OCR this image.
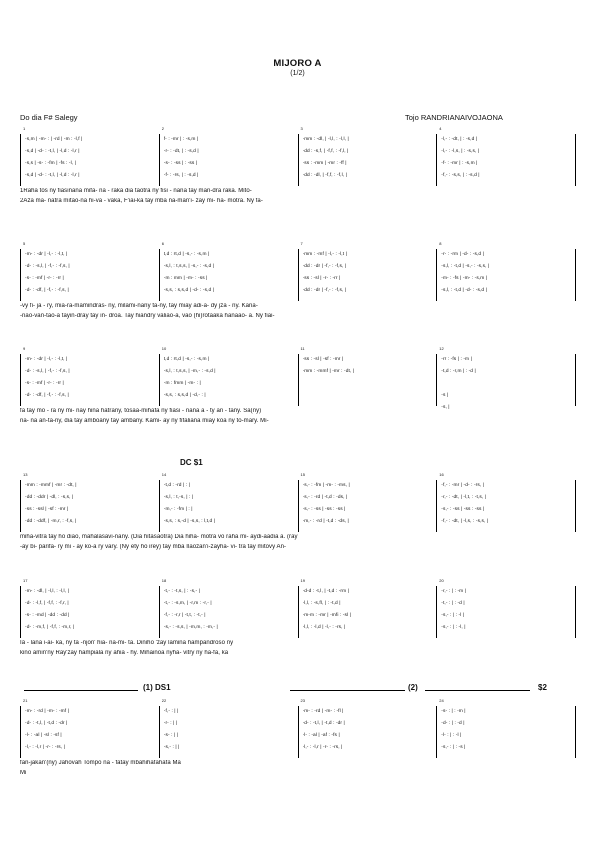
MIJORO A
(1/2)
Do dia F# Salegy	Tojo RANDRIANAIVOJAONA
1
-s,m | -m- : | -rd | -m : -l,f |
-s,d | -d- : -t,l, | -l,d : -l,r |
-s,s | -s- : -fm | -fs : -l, |
-s,d | -d- : -t,l, | -l,d : -l,r |
2
f- : -mr | : -s,m |
-r- : -dt, | : -s,d |
-s- : -ss | : -ss |
-f- : -rs, | : -s,d |
3
-mm : -dl, | -l,l, : -l,l, |
-dd : -s,f, | -f,f, : -f,l, |
-ss : -mm | -mr : -ff |
-dd : -dl, | -f,f, : -f,l, |
4
-l,- : -dt, | : -s,d |
-l,- : -l,s, | : -s,s, |
-f- : -mr | : -s,m |
-f,- : -s,s, | : -s,d |
1Raha tos ny fiasinana mifa- na - raka dia taotra ny fisi - nana tay man-dra raka. Mito-
2Aza ma- natra mitao-na hi-va - vaka, F'iai-ka tay mba na-man'i- zay mi- ha- motra. Ny fa-
5
-m- : -dr | -l,- : -l,t, |
-d- : -s,l, | -f,- : -f,s, |
-s- : -mf | -r- : -rr |
-d- : -df, | -f,- : -f,s, |
6
t,d : rt,d | -s,- : -s,m |
-s,l, : t,s,s, | -s,- : -s,d |
-m : mm | -m- : -ss |
-s,s, : s,s,d | -d- : -s,d |
7
-mm : -mf | -l,- : -l,t |
-dd : -dr | -f,- : -f,s, |
-ss : -sl | -r- : -rr |
-dd : -dr | -f,- : -f,s, |
8
-r- : -rm | -d- : -s,d |
-s,l, : -t,d | -s,- : -s,s, |
-m- : -fs | -m- : -s,m |
-s,l, : -t,d | -d- : -s,d |
-vy fi- ja - ry, mia-ra-mamindras- ny, milami-nany ta-ny, tay miay adi-a- dy jza - ny. Kana-
-nao-van-tao-a tayin-dray tay in- droa. Tay hiandry valiao-a, vao (hi)rotaaka hanaao- a. Ny fiai-
9
-m- : -dr | -l,- : -l,t, |
-d- : -s,l, | -f,- : -f,s, |
-s- : -mf | -r- : -rr |
-d- : -df, | -f,- : -f,s, |
10
t,d : rt,d | -s,- : -s,m |
-s,l, : t,s,s, | -m,- : -s,d |
-m : fmm | -m- : |
-s,s, : s,s,d | -d,- : |
11
-ss : -sl | -sf : -mr |
-mm : -mmf | -mr : -dt, |
12
-rr : -fs | : -m |
-t,d : -r,m | : -d |
-s |
-s, |
fa tay mo - ra ny mi- nay hina hatrany, tosaa-mihafa ny fiasi - nana a - ty an - tany. Sa(ny)
na- na an-ta-ny, dia tay amboany tay ambany. Kami- ay ny fifaliana miay koa ny to-mary. Mi-
13
-mm : -mmf | -mr : -dt, |
-dd : -ddr | -dl, : -s,s, |
-ss : -ssl | -sf : -mr |
-dd : -ddf, | -m,r, : -f,s, |
14
-t,d : -rd | : |
-s,l, : t,-s, | : |
-m,- : -fm | : |
-s,s, : s,-d | -s,s, : l,t,d |
15
-s,- : -fm | -m- : -ms, |
-s,- : -rd | -t,d : -ds, |
-s,- : -ss | -ss : -ss |
-m,- : -rd | -t,d : -ds, |
16
-f,- : -mr | -d- : -rs, |
-r,- : -dt, | -l,t, : -t,s, |
-s,- : -ss | -ss : -ss |
-f,- : -dt, | -l,s, : -s,s, |
miha-vitra tay ho diao, mahalasavi-nany. (Dia hitasaotra) Dia hiha- motra vo raha mi- aydi-aadia a. (ray
-ay bi- parifa- ry mi - ay ko-a ry vary. (Ny ety ho irey) tay mba Ilaozan'i-zayha- vi- tra tay mitovy An-
DC $1
17
-m- : -dl, | -l,l, : -l,l, |
-d- : -l,f, | -f,f, : -f,r, |
-s- : -md | -dd : -dd |
-d- : -m,f, | -f,f, : -m,r, |
18
-t,- : -t,s, | : -s,- |
-t,- : -s,m, | -r,m : -r,- |
-f,- : -r,r | -t,t, : -t,- |
-s,- : -s,s, | -m,m, : -m,- |
19
-d-d : -t,l, | -t,d : -rm |
-l,l, : -s,fl, | : -t,d |
-m-m : -mr | -mfi : -sl |
-l,l, : -l,d | -l,- : -rs, |
20
-r,- : | : -m |
-t,- : | : -d |
-s,- : | : -l |
-s,- : | : -l, |
Iä - lana i-ai- ka, ny ta -njon' hia- na-mi- ta. Diniho 'zay lamina hampandroso ny
kino amin'ny Ray'zay hampiala ny ahia - hy. Mihainoa nyha- vitry ny ha-fa, ka
21
-m- : -rd | -m- : -mf |
-d- : -t,l, | -t,d : -dr |
-l- : -al | -sl : -sf |
-l,- : -l,r | -r- : -rs, |
22
-f,- : | |
-r- : | |
-s- : | |
-s,- : | |
23
-m- : -rd | -m- : -fl |
-d- : -t,l, | -t,d : -dr |
-l- : -al | -af : -fs |
-l,- : -l,r | -r- : -rs, |
24
-s- : | : -m |
-d- : | : -d |
-l- : | : -l |
-s,- : | : -s |
fan-jakan'(ny) Jahovah Tompo na - fatay mbahihafahafa Ma
Mi
(1) DS1	(2)	$2
